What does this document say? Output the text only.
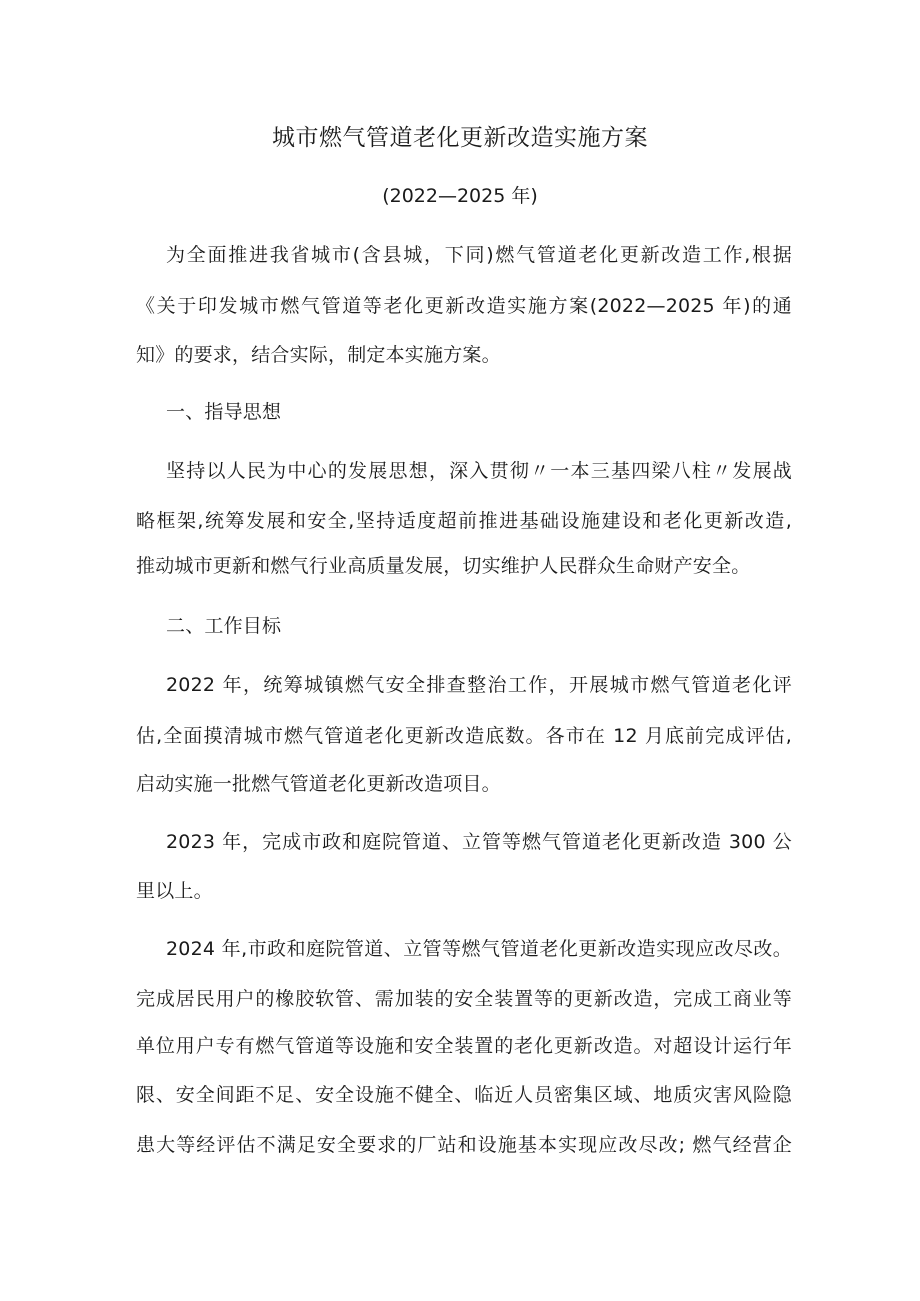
城市燃气管道老化更新改造实施方案
(2022—2025 年)
为全面推进我省城市(含县城，下同)燃气管道老化更新改造工作,根据
《关于印发城市燃气管道等老化更新改造实施方案(2022—2025 年)的通
知》的要求，结合实际，制定本实施方案。
一、指导思想
坚持以人民为中心的发展思想，深入贯彻〃一本三基四梁八柱〃发展战
略框架,统筹发展和安全,坚持适度超前推进基础设施建设和老化更新改造,
推动城市更新和燃气行业高质量发展，切实维护人民群众生命财产安全。
二、工作目标
2022 年，统筹城镇燃气安全排查整治工作，开展城市燃气管道老化评
估,全面摸清城市燃气管道老化更新改造底数。各市在 12 月底前完成评估,
启动实施一批燃气管道老化更新改造项目。
2023 年，完成市政和庭院管道、立管等燃气管道老化更新改造 300 公
里以上。
2024 年,市政和庭院管道、立管等燃气管道老化更新改造实现应改尽改。
完成居民用户的橡胶软管、需加装的安全装置等的更新改造，完成工商业等
单位用户专有燃气管道等设施和安全装置的老化更新改造。对超设计运行年
限、安全间距不足、安全设施不健全、临近人员密集区域、地质灾害风险隐
患大等经评估不满足安全要求的厂站和设施基本实现应改尽改; 燃气经营企
